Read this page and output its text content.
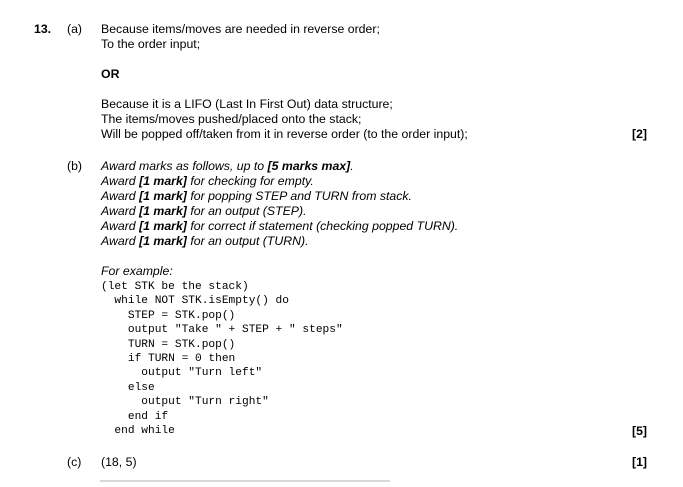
13. (a) Because items/moves are needed in reverse order;
To the order input;
OR
Because it is a LIFO (Last In First Out) data structure;
The items/moves pushed/placed onto the stack;
Will be popped off/taken from it in reverse order (to the order input);	[2]
(b) Award marks as follows, up to [5 marks max].
Award [1 mark] for checking for empty.
Award [1 mark] for popping STEP and TURN from stack.
Award [1 mark] for an output (STEP).
Award [1 mark] for correct if statement (checking popped TURN).
Award [1 mark] for an output (TURN).
For example:
(let STK be the stack)
while NOT STK.isEmpty() do
STEP = STK.pop()
output "Take " + STEP + " steps"
TURN = STK.pop()
if TURN = 0 then
output "Turn left"
else
output "Turn right"
end if
end while	[5]
(c) (18, 5)	[1]
